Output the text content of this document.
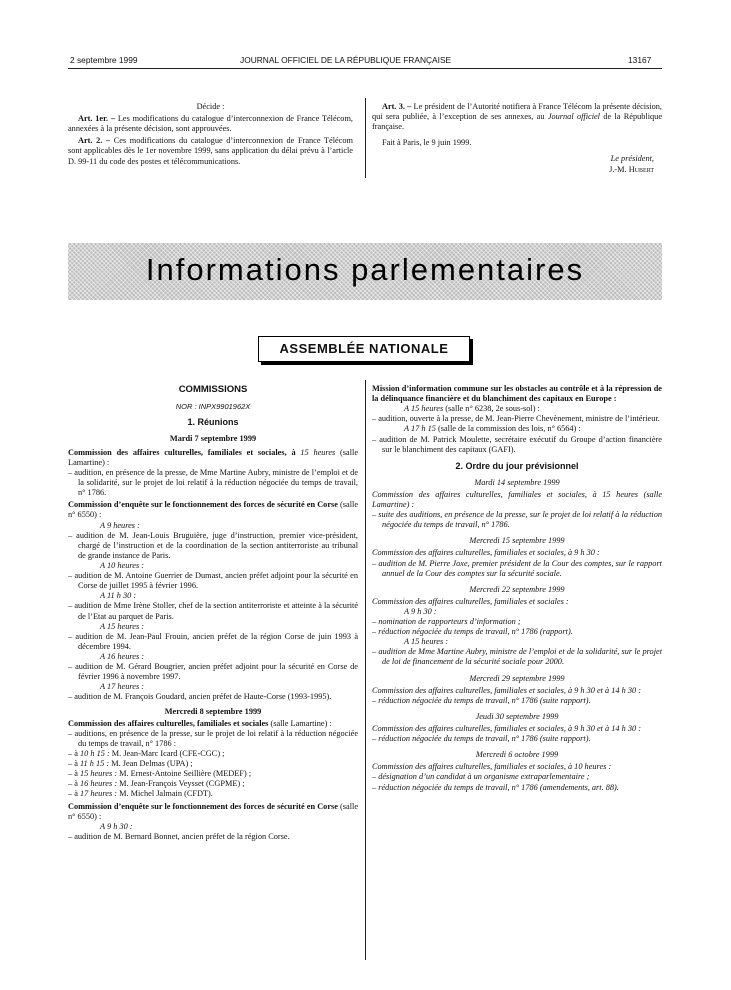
2 septembre 1999	JOURNAL OFFICIEL DE LA RÉPUBLIQUE FRANÇAISE	13167

Décide :

Art. 1er. – Les modifications du catalogue d’interconnexion de France Télécom, annexées à la présente décision, sont approuvées.

Art. 2. – Ces modifications du catalogue d’interconnexion de France Télécom sont applicables dès le 1er novembre 1999, sans application du délai prévu à l’article D. 99-11 du code des postes et télécommunications.

Art. 3. – Le président de l’Autorité notifiera à France Télécom la présente décision, qui sera publiée, à l’exception de ses annexes, au Journal officiel de la République française.

Fait à Paris, le 9 juin 1999.

Le président,

J.-M. Hubert

Informations parlementaires
ASSEMBLÉE NATIONALE

COMMISSIONS

NOR : INPX9901962X

1. Réunions

Mardi 7 septembre 1999

Commission des affaires culturelles, familiales et sociales, à 15 heures (salle Lamartine) :

– audition, en présence de la presse, de Mme Martine Aubry, ministre de l’emploi et de la solidarité, sur le projet de loi relatif à la réduction négociée du temps de travail, n° 1786.

Commission d’enquête sur le fonctionnement des forces de sécurité en Corse (salle n° 6550) :

A 9 heures :

– audition de M. Jean-Louis Bruguière, juge d’instruction, premier vice-président, chargé de l’instruction et de la coordination de la section antiterroriste au tribunal de grande instance de Paris.

A 10 heures :

– audition de M. Antoine Guerrier de Dumast, ancien préfet adjoint pour la sécurité en Corse de juillet 1995 à février 1996.

A 11 h 30 :

– audition de Mme Irène Stoller, chef de la section antiterroriste et atteinte à la sécurité de l’Etat au parquet de Paris.

A 15 heures :

– audition de M. Jean-Paul Frouin, ancien préfet de la région Corse de juin 1993 à décembre 1994.

A 16 heures :

– audition de M. Gérard Bougrier, ancien préfet adjoint pour la sécurité en Corse de février 1996 à novembre 1997.

A 17 heures :

– audition de M. François Goudard, ancien préfet de Haute-Corse (1993-1995).

Mercredi 8 septembre 1999

Commission des affaires culturelles, familiales et sociales (salle Lamartine) :

– auditions, en présence de la presse, sur le projet de loi relatif à la réduction négociée du temps de travail, n° 1786 :

– à 10 h 15 : M. Jean-Marc Icard (CFE-CGC) ;

– à 11 h 15 : M. Jean Delmas (UPA) ;

– à 15 heures : M. Ernest-Antoine Seillière (MEDEF) ;

– à 16 heures : M. Jean-François Veysset (CGPME) ;

– à 17 heures : M. Michel Jalmain (CFDT).

Commission d’enquête sur le fonctionnement des forces de sécurité en Corse (salle n° 6550) :

A 9 h 30 :

– audition de M. Bernard Bonnet, ancien préfet de la région Corse.

Mission d’information commune sur les obstacles au contrôle et à la répression de la délinquance financière et du blanchiment des capitaux en Europe :

A 15 heures (salle n° 6238, 2e sous-sol) :

– audition, ouverte à la presse, de M. Jean-Pierre Chevènement, ministre de l’intérieur.

A 17 h 15 (salle de la commission des lois, n° 6564) :

– audition de M. Patrick Moulette, secrétaire exécutif du Groupe d’action financière sur le blanchiment des capitaux (GAFI).

2. Ordre du jour prévisionnel

Mardi 14 septembre 1999

Commission des affaires culturelles, familiales et sociales, à 15 heures (salle Lamartine) :

– suite des auditions, en présence de la presse, sur le projet de loi relatif à la réduction négociée du temps de travail, n° 1786.

Mercredi 15 septembre 1999

Commission des affaires culturelles, familiales et sociales, à 9 h 30 :

– audition de M. Pierre Joxe, premier président de la Cour des comptes, sur le rapport annuel de la Cour des comptes sur la sécurité sociale.

Mercredi 22 septembre 1999

Commission des affaires culturelles, familiales et sociales :

A 9 h 30 :

– nomination de rapporteurs d’information ;

– réduction négociée du temps de travail, n° 1786 (rapport).

A 15 heures :

– audition de Mme Martine Aubry, ministre de l’emploi et de la solidarité, sur le projet de loi de financement de la sécurité sociale pour 2000.

Mercredi 29 septembre 1999

Commission des affaires culturelles, familiales et sociales, à 9 h 30 et à 14 h 30 :

– réduction négociée du temps de travail, n° 1786 (suite rapport).

Jeudi 30 septembre 1999

Commission des affaires culturelles, familiales et sociales, à 9 h 30 et à 14 h 30 :

– réduction négociée du temps de travail, n° 1786 (suite rapport).

Mercredi 6 octobre 1999

Commission des affaires culturelles, familiales et sociales, à 10 heures :

– désignation d’un candidat à un organisme extraparlementaire ;

– réduction négociée du temps de travail, n° 1786 (amendements, art. 88).
